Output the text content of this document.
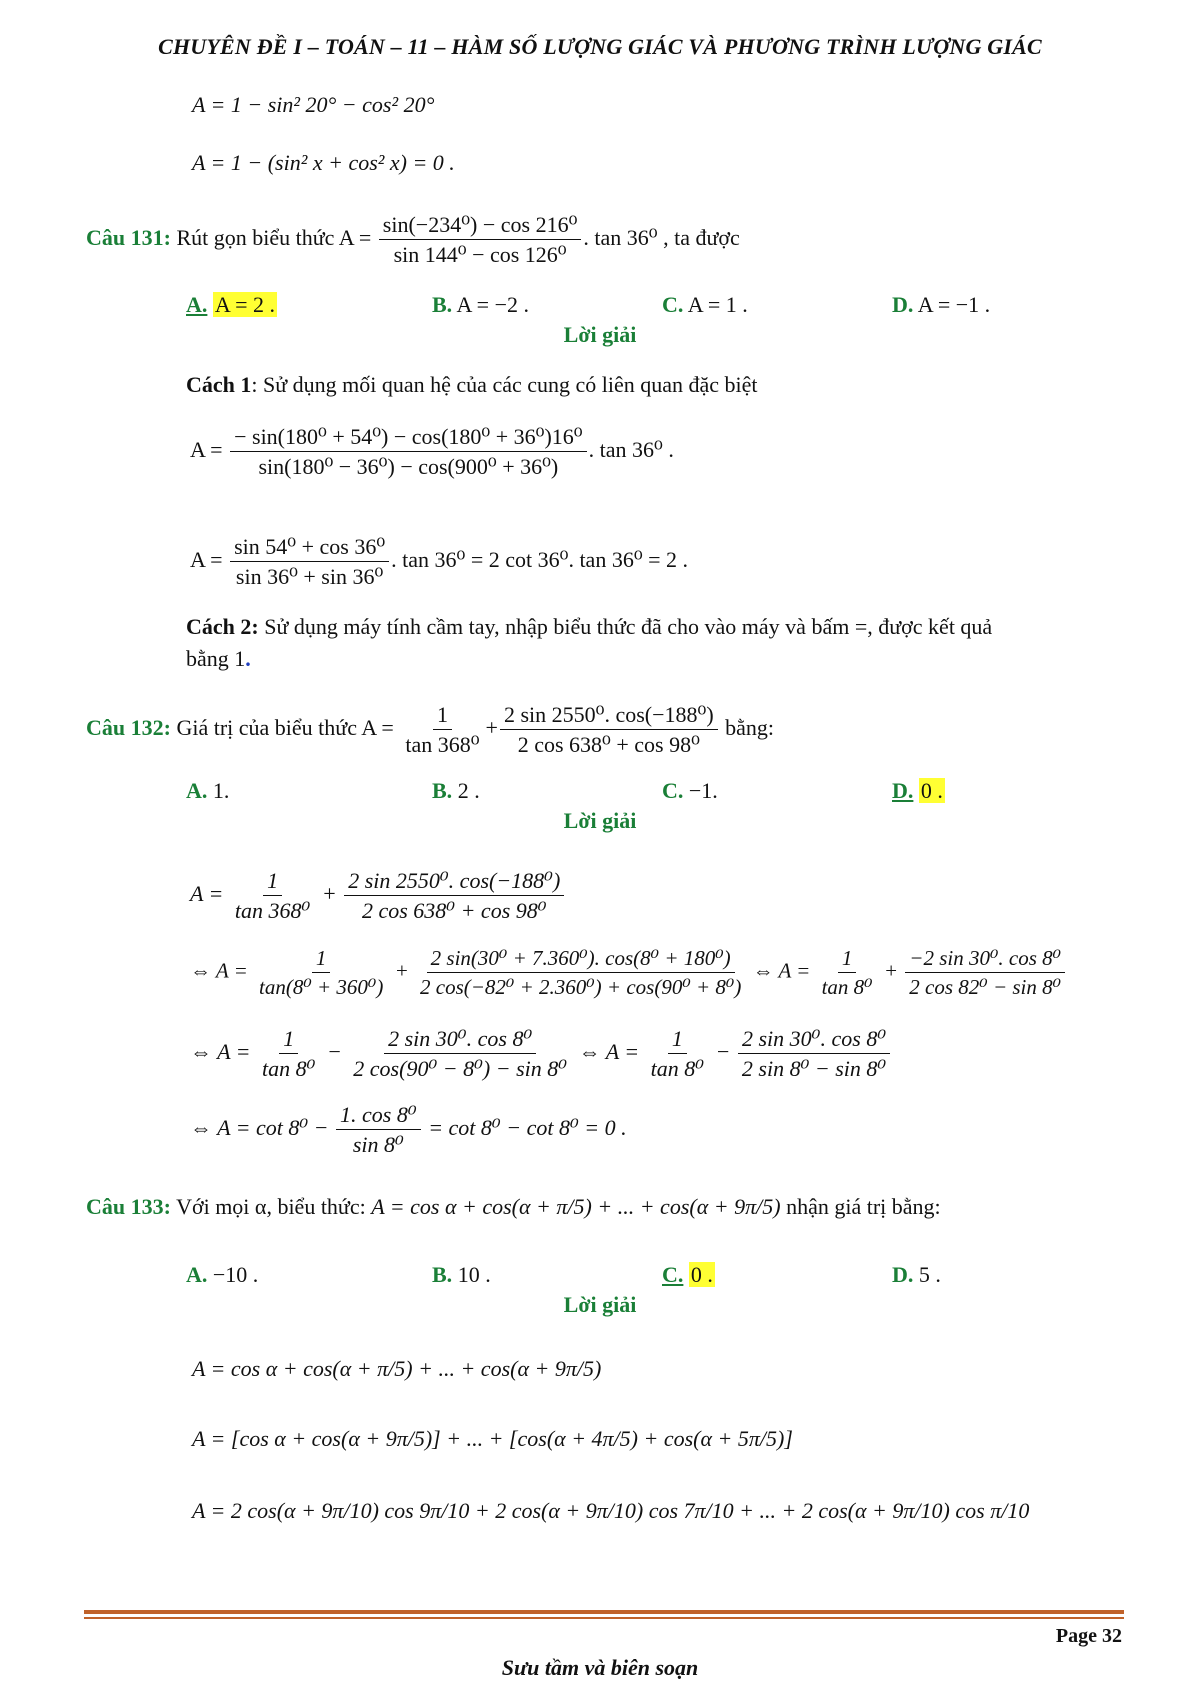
CHUYÊN ĐỀ I – TOÁN – 11 – HÀM SỐ LƯỢNG GIÁC VÀ PHƯƠNG TRÌNH LƯỢNG GIÁC
A = 1 − sin² 20° − cos² 20°
A = 1 − (sin² x + cos² x) = 0 .
Câu 131: Rút gọn biểu thức $A = \frac{\text{sin(−234⁰) − cos 216⁰}}{\text{sin 144⁰ − cos 126⁰}}$ . tan 36⁰ , ta được
A. A = 2 .	B. A = −2 .	C. A = 1 .	D. A = −1 .
Lời giải
Cách 1: Sử dụng mối quan hệ của các cung có liên quan đặc biệt
$A = \frac{\text{− sin(180⁰ + 54⁰) − cos(180⁰ + 36⁰)16⁰}}{\text{sin(180⁰ − 36⁰) − cos(900⁰ + 36⁰)}}$ . tan 36⁰ .
$A = \frac{\text{sin 54⁰ + cos 36⁰}}{\text{sin 36⁰ + sin 36⁰}}$ . tan 36⁰ = 2 cot 36⁰. tan 36⁰ = 2 .
Cách 2: Sử dụng máy tính cầm tay, nhập biểu thức đã cho vào máy và bấm =, được kết quả
bằng 1.
Câu 132: Giá trị của biểu thức $A = \frac{1}{\text{tan 368⁰}} + \frac{\text{2 sin 2550⁰. cos(−188⁰)}}{\text{2 cos 638⁰ + cos 98⁰}}$ bằng:
A. 1.	B. 2 .	C. −1.	D. 0 .
Lời giải
$A = \frac{1}{\text{tan 368⁰}} + \frac{\text{2 sin 2550⁰. cos(−188⁰)}}{\text{2 cos 638⁰ + cos 98⁰}}$
⇔ $A = \frac{1}{\text{tan(8⁰ + 360⁰)}} + \frac{\text{2 sin(30⁰ + 7.360⁰). cos(8⁰ + 180⁰)}}{\text{2 cos(−82⁰ + 2.360⁰) + cos(90⁰ + 8⁰)}}$ ⇔ $A = \frac{1}{\text{tan 8⁰}} + \frac{\text{−2 sin 30⁰. cos 8⁰}}{\text{2 cos 82⁰ − sin 8⁰}}$
⇔ $A = \frac{1}{\text{tan 8⁰}} - \frac{\text{2 sin 30⁰. cos 8⁰}}{\text{2 cos(90⁰ − 8⁰) − sin 8⁰}}$ ⇔ $A = \frac{1}{\text{tan 8⁰}} - \frac{\text{2 sin 30⁰. cos 8⁰}}{\text{2 sin 8⁰ − sin 8⁰}}$
⇔ $A = \cot 8^0 - \frac{\text{1. cos 8⁰}}{\text{sin 8⁰}} = \cot 8^0 - \cot 8^0 = 0$ .
Câu 133: Với mọi α, biểu thức: A = cos α + cos(α + π/5) + ... + cos(α + 9π/5) nhận giá trị bằng:
A. −10 .	B. 10 .	C. 0 .	D. 5 .
Lời giải
A = cos α + cos(α + π/5) + ... + cos(α + 9π/5)
A = [cos α + cos(α + 9π/5)] + ... + [cos(α + 4π/5) + cos(α + 5π/5)]
A = 2 cos(α + 9π/10) cos 9π/10 + 2 cos(α + 9π/10) cos 7π/10 + ... + 2 cos(α + 9π/10) cos π/10
Page 32
Sưu tầm và biên soạn
